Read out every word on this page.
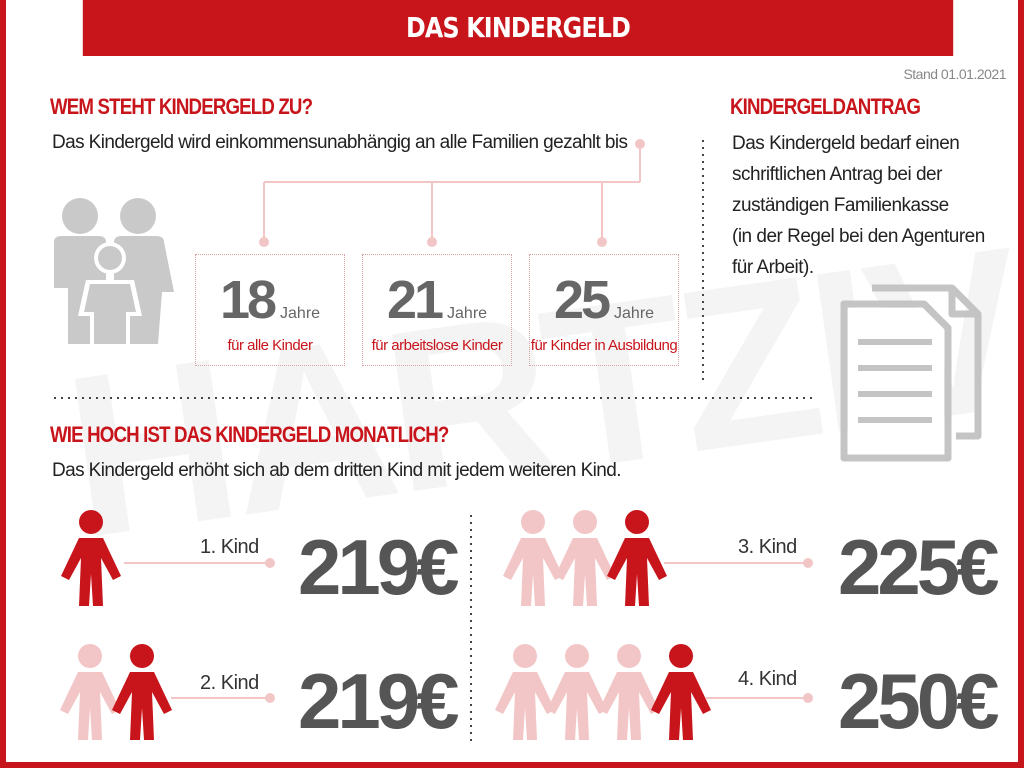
DAS KINDERGELD
Stand 01.01.2021
WEM STEHT KINDERGELD ZU?
Das Kindergeld wird einkommensunabhängig an alle Familien gezahlt bis
18 Jahre
für alle Kinder
21 Jahre
für arbeitslose Kinder
25 Jahre
für Kinder in Ausbildung
KINDERGELDANTRAG
Das Kindergeld bedarf einen
schriftlichen Antrag bei der
zuständigen Familienkasse
(in der Regel bei den Agenturen
für Arbeit).
WIE HOCH IST DAS KINDERGELD MONATLICH?
Das Kindergeld erhöht sich ab dem dritten Kind mit jedem weiteren Kind.
1. Kind 219€
2. Kind 219€
3. Kind 225€
4. Kind 250€
